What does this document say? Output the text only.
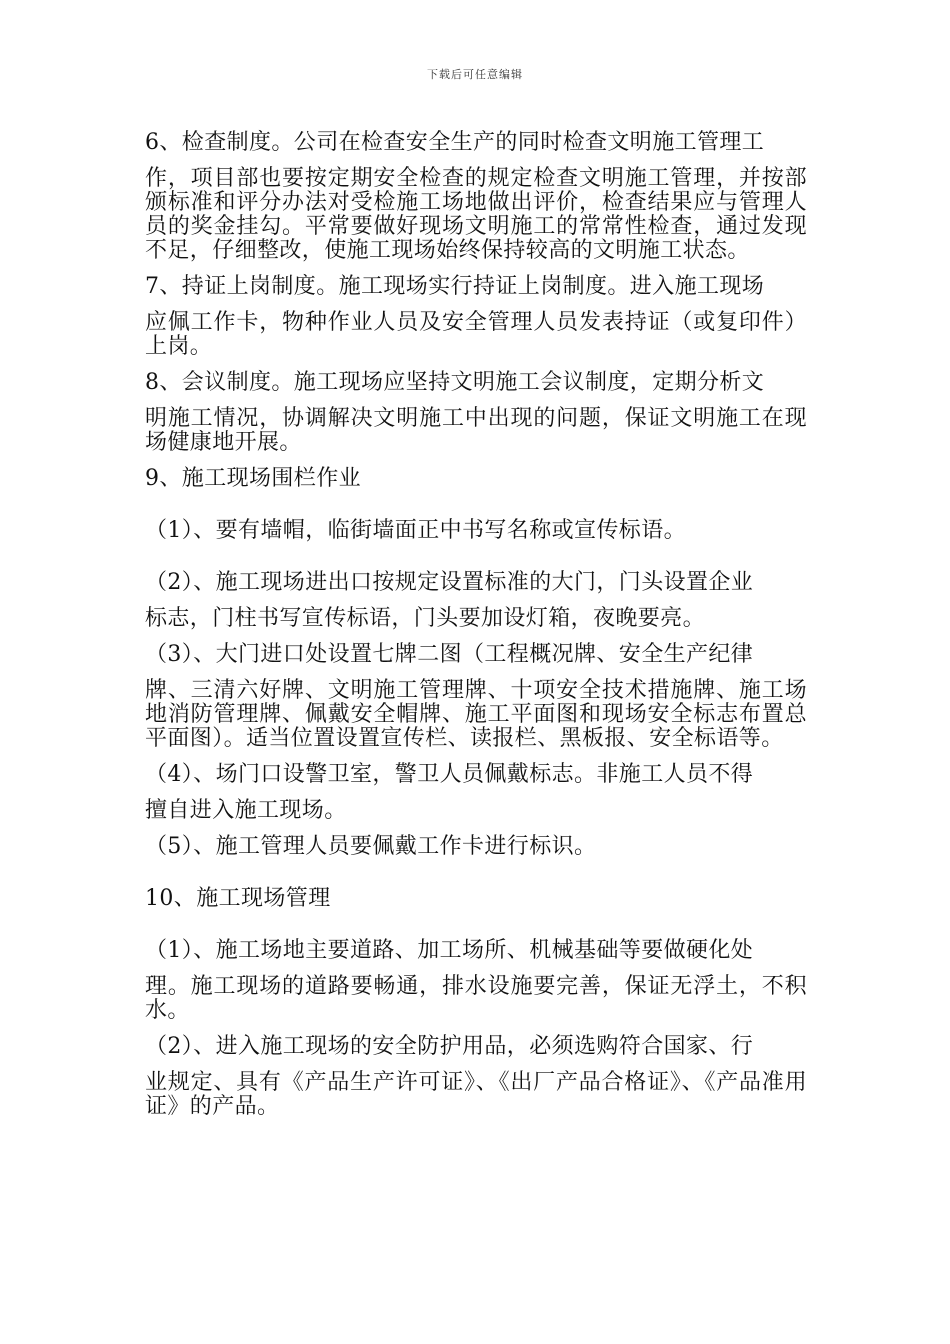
下载后可任意编辑
6、检查制度。公司在检查安全生产的同时检查文明施工管理工
作，项目部也要按定期安全检查的规定检查文明施工管理，并按部颁标准和评分办法对受检施工场地做出评价，检查结果应与管理人员的奖金挂勾。平常要做好现场文明施工的常常性检查，通过发现不足，仔细整改，使施工现场始终保持较高的文明施工状态。
7、持证上岗制度。施工现场实行持证上岗制度。进入施工现场
应佩工作卡，物种作业人员及安全管理人员发表持证（或复印件）上岗。
8、会议制度。施工现场应坚持文明施工会议制度，定期分析文
明施工情况，协调解决文明施工中出现的问题，保证文明施工在现场健康地开展。
9、施工现场围栏作业
（1）、要有墙帽，临街墙面正中书写名称或宣传标语。
（2）、施工现场进出口按规定设置标准的大门，门头设置企业
标志，门柱书写宣传标语，门头要加设灯箱，夜晚要亮。
（3）、大门进口处设置七牌二图（工程概况牌、安全生产纪律
牌、三清六好牌、文明施工管理牌、十项安全技术措施牌、施工场地消防管理牌、佩戴安全帽牌、施工平面图和现场安全标志布置总平面图）。适当位置设置宣传栏、读报栏、黑板报、安全标语等。
（4）、场门口设警卫室，警卫人员佩戴标志。非施工人员不得
擅自进入施工现场。
（5）、施工管理人员要佩戴工作卡进行标识。
10、施工现场管理
（1）、施工场地主要道路、加工场所、机械基础等要做硬化处
理。施工现场的道路要畅通，排水设施要完善，保证无浮土，不积水。
（2）、进入施工现场的安全防护用品，必须选购符合国家、行
业规定、具有《产品生产许可证》、《出厂产品合格证》、《产品准用证》的产品。
